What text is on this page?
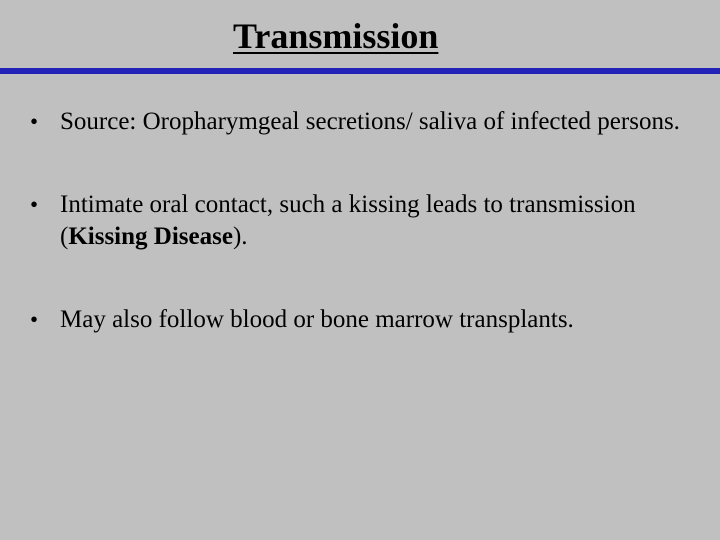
Transmission
• Source: Oropharymgeal secretions/ saliva of infected persons.
• Intimate oral contact, such a kissing leads to transmission (Kissing Disease).
• May also follow blood or bone marrow transplants.
